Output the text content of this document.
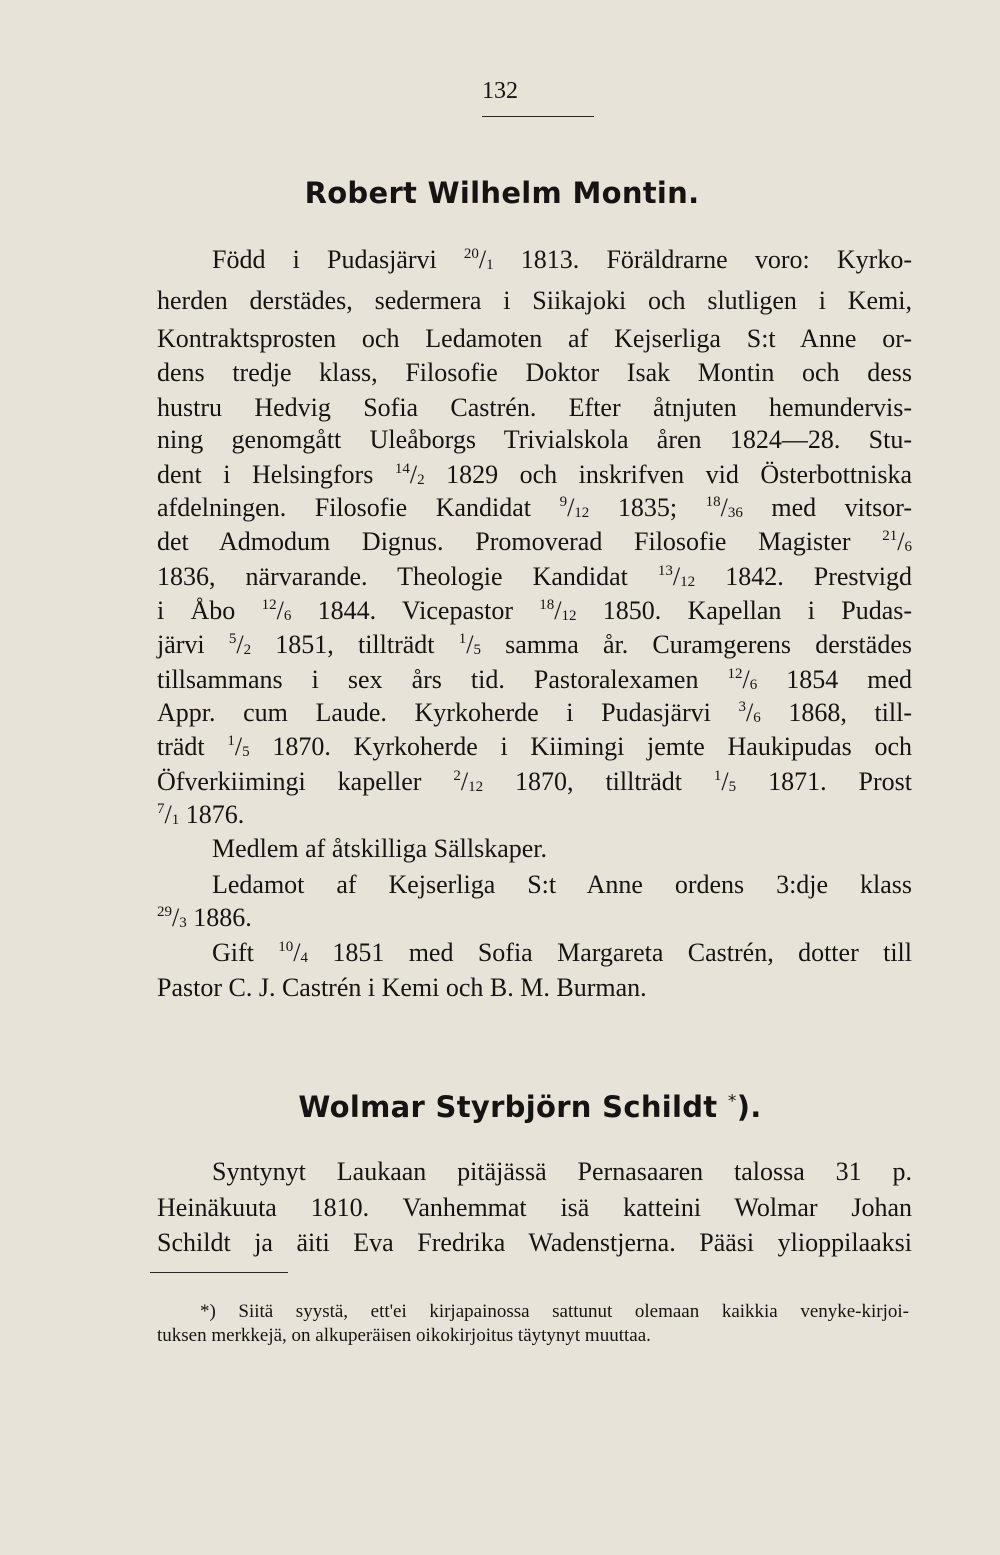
132
Robert Wilhelm Montin.
Född i Pudasjärvi $^{20}/_1$ 1813. Föräldrarne voro: Kyrko-
herden derstädes, sedermera i Siikajoki och slutligen i Kemi,
Kontraktsprosten och Ledamoten af Kejserliga S:t Anne or-
dens tredje klass, Filosofie Doktor Isak Montin och dess
hustru Hedvig Sofia Castrén. Efter åtnjuten hemundervis-
ning genomgått Uleåborgs Trivialskola åren 1824—28. Stu-
dent i Helsingfors $^{14}/_2$ 1829 och inskrifven vid Österbottniska
afdelningen. Filosofie Kandidat $^9/_{12}$ 1835; $^{18}/_{36}$ med vitsor-
det Admodum Dignus. Promoverad Filosofie Magister $^{21}/_6$
1836, närvarande. Theologie Kandidat $^{13}/_{12}$ 1842. Prestvigd
i Åbo $^{12}/_6$ 1844. Vicepastor $^{18}/_{12}$ 1850. Kapellan i Pudas-
järvi $^5/_2$ 1851, tillträdt $^1/_5$ samma år. Curamgerens derstädes
tillsammans i sex års tid. Pastoralexamen $^{12}/_6$ 1854 med
Appr. cum Laude. Kyrkoherde i Pudasjärvi $^3/_6$ 1868, till-
trädt $^1/_5$ 1870. Kyrkoherde i Kiimingi jemte Haukipudas och
Öfverkiimingi kapeller $^2/_{12}$ 1870, tillträdt $^1/_5$ 1871. Prost
$^7/_1$ 1876.
Medlem af åtskilliga Sällskaper.
Ledamot af Kejserliga S:t Anne ordens 3:dje klass
$^{29}/_3$ 1886.
Gift $^{10}/_4$ 1851 med Sofia Margareta Castrén, dotter till
Pastor C. J. Castrén i Kemi och B. M. Burman.
Wolmar Styrbjörn Schildt *).
Syntynyt Laukaan pitäjässä Pernasaaren talossa 31 p.
Heinäkuuta 1810. Vanhemmat isä katteini Wolmar Johan
Schildt ja äiti Eva Fredrika Wadenstjerna. Pääsi ylioppilaaksi
*) Siitä syystä, ett'ei kirjapainossa sattunut olemaan kaikkia venyke-kirjoi-
tuksen merkkejä, on alkuperäisen oikokirjoitus täytynyt muuttaa.
